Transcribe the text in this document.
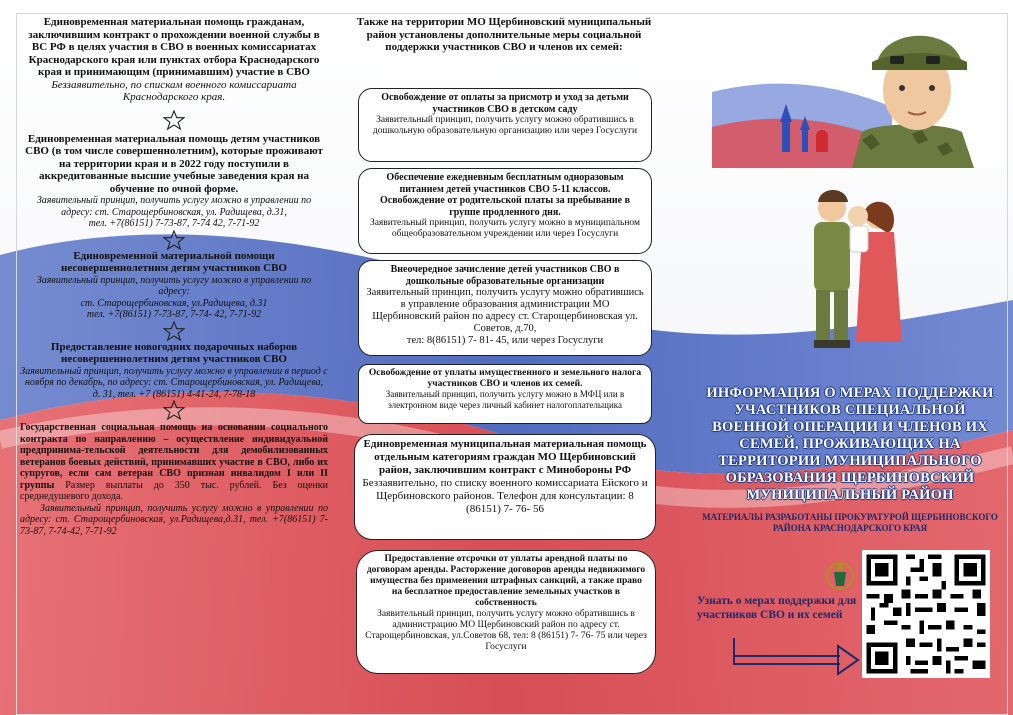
Единовременная материальная помощь гражданам, заключившим контракт о прохождении военной службы в ВС РФ в целях участия в СВО в военных комиссариатах Краснодарского края или пунктах отбора Краснодарского края и принимающим (принимавшим) участие в СВО

Беззаявительно, по спискам военного комиссариата Краснодарского края.

Единовременная материальная помощь детям участников СВО (в том числе совершеннолетним), которые проживают на территории края и в 2022 году поступили в аккредитованные высшие учебные заведения края на обучение по очной форме.

Заявительный принцип, получить услугу можно в управлении по адресу: ст. Старощербиновская, ул. Радищева, д.31,

тел. +7(86151) 7-73-87, 7-74 42, 7-71-92

Единовременной материальной помощи несовершеннолетним детям участников СВО

Заявительный принцип, получить услугу можно в управлении по адресу:

ст. Старощербиновская, ул.Радищева, д.31

тел. +7(86151) 7-73-87, 7-74- 42, 7-71-92

Предоставление новогодних подарочных наборов несовершеннолетним детям участников СВО

Заявительный принцип, получить услугу можно в управлении в период с ноября по декабрь, по адресу: ст. Старощербиновская, ул. Радищева, д. 31, тел. +7 (86151) 4-41-24, 7-78-18

Государственная социальная помощь на основании социального контракта по направлению – осуществление индивидуальной предпринима-тельской деятельности для демобилизованных ветеранов боевых действий, принимавших участие в СВО, либо их супругов, если сам ветеран СВО признан инвалидом I или II группы Размер выплаты до 350 тыс. рублей. Без оценки среднедушевого дохода.

Заявительный принцип, получить услугу можно в управлении по адресу: ст. Старощербиновская, ул.Радищева,д.31, тел. +7(86151) 7-73-87, 7-74-42, 7-71-92

Также на территории МО Щербиновский муниципальный район установлены дополнительные меры социальной поддержки участников СВО и членов их семей:

Освобождение от оплаты за присмотр и уход за детьми участников СВО в детском саду

Заявительный принцип, получить услугу можно обратившись в дошкольную образовательную организацию или через Госуслуги

Обеспечение ежедневным бесплатным одноразовым питанием детей участников СВО 5-11 классов. Освобождение от родительской платы за пребывание в группе продленного дня.

Заявительный принцип, получить услугу можно в муниципальном общеобразовательном учреждении или через Госуслуги

Внеочередное зачисление детей участников СВО в дошкольные образовательные организации

Заявительный принцип, получить услугу можно обратившись в управление образования администрации МО Щербиновский район по адресу ст. Старощербиновская ул. Советов, д.70,

тел: 8(86151) 7- 81- 45, или через Госуслуги

Освобождение от уплаты имущественного и земельного налога участников СВО и членов их семей.

Заявительный принцип, получить услугу можно в МФЦ или в электронном виде через личный кабинет налогоплательщика

Единовременная муниципальная материальная помощь отдельным категориям граждан МО Щербиновский район, заключившим контракт с Минобороны РФ

Беззаявительно, по списку военного комиссариата Ейского и Щербиновского районов. Телефон для консультации: 8 (86151) 7- 76- 56

Предоставление отсрочки от уплаты арендной платы по договорам аренды. Расторжение договоров аренды недвижимого имущества без применения штрафных санкций, а также право на бесплатное предоставление земельных участков в собственность

Заявительный принцип, получить услугу можно обратившись в администрацию МО Щербиновский район по адресу ст. Старощербиновская, ул.Советов 68, тел: 8 (86151) 7- 76- 75 или через Госуслуги

ИНФОРМАЦИЯ О МЕРАХ ПОДДЕРЖКИ УЧАСТНИКОВ СПЕЦИАЛЬНОЙ ВОЕННОЙ ОПЕРАЦИИ И ЧЛЕНОВ ИХ СЕМЕЙ, ПРОЖИВАЮЩИХ НА ТЕРРИТОРИИ МУНИЦИПАЛЬНОГО ОБРАЗОВАНИЯ ЩЕРБИНОВСКИЙ МУНИЦИПАЛЬНЫЙ РАЙОН

МАТЕРИАЛЫ РАЗРАБОТАНЫ ПРОКУРАТУРОЙ ЩЕРБИНОВСКОГО РАЙОНА КРАСНОДАРСКОГО КРАЯ

Узнать о мерах поддержки для участников СВО и их семей
